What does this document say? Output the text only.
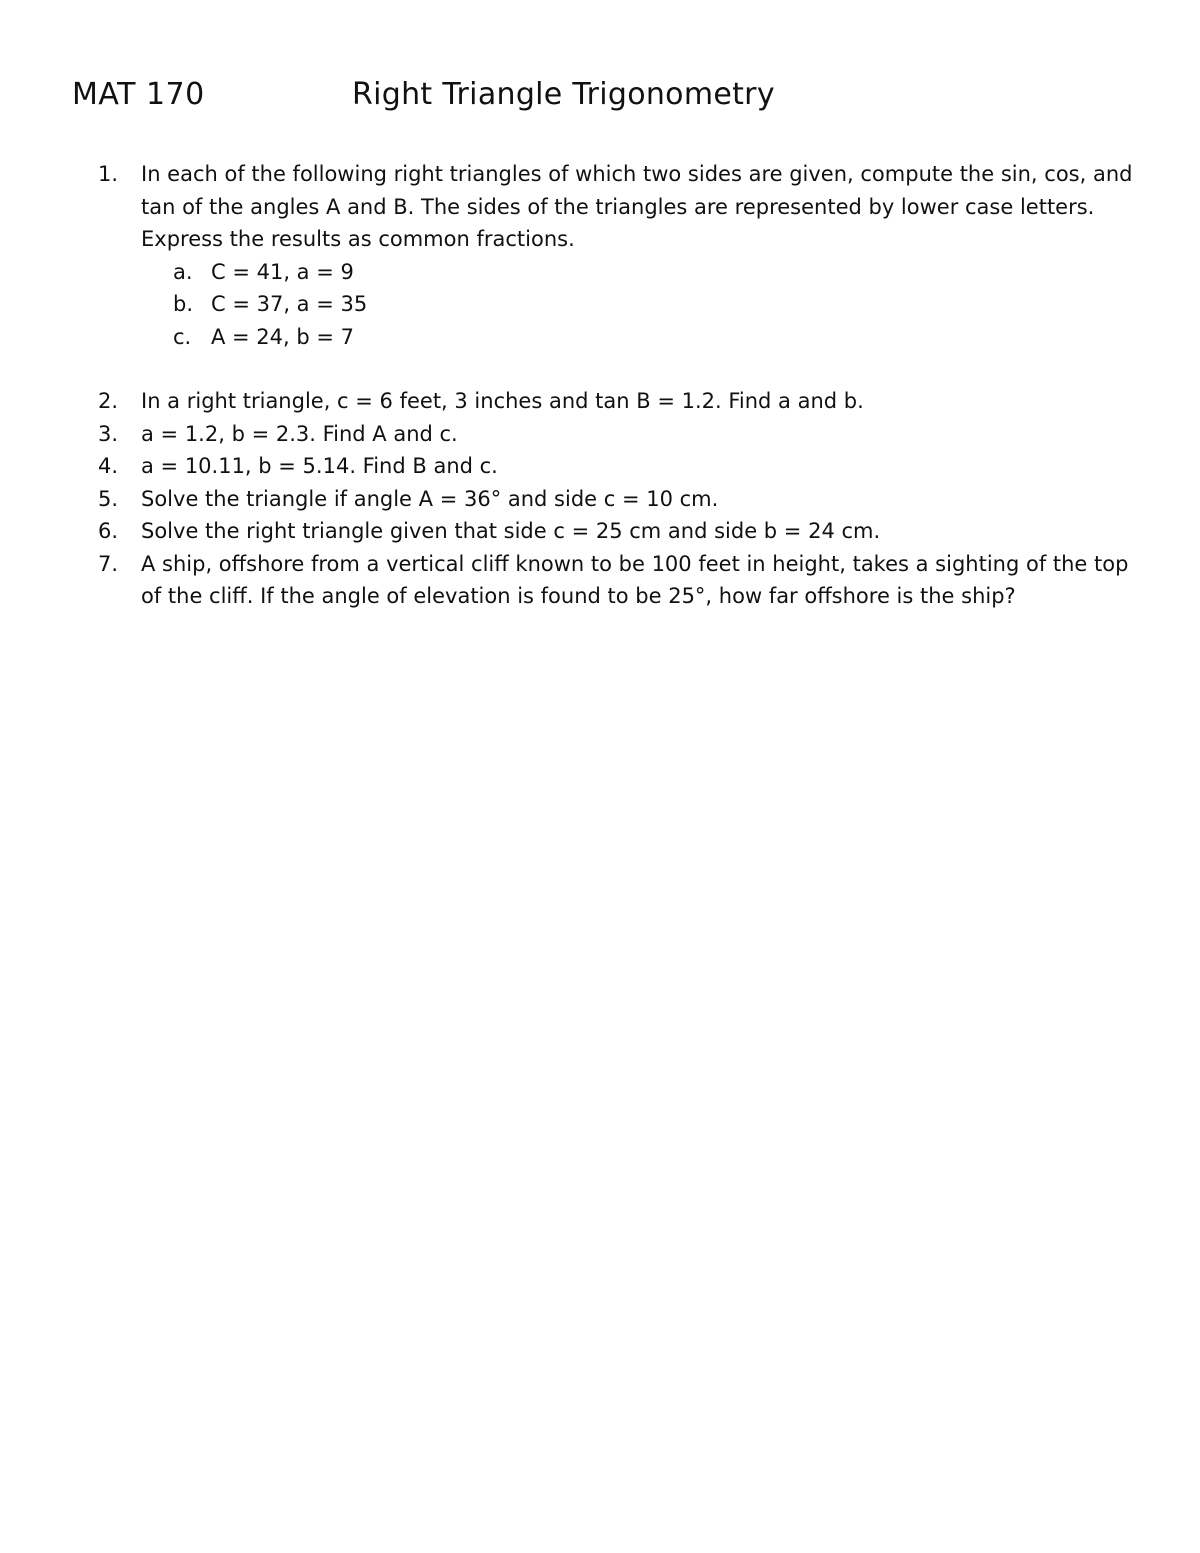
MAT 170	Right Triangle Trigonometry
1.	In each of the following right triangles of which two sides are given, compute the sin, cos, and tan of the angles A and B. The sides of the triangles are represented by lower case letters. Express the results as common fractions.
a. C = 41, a = 9
b. C = 37, a = 35
c. A = 24, b = 7
2.	In a right triangle, c = 6 feet, 3 inches and tan B = 1.2. Find a and b.
3.	a = 1.2, b = 2.3. Find A and c.
4.	a = 10.11, b = 5.14. Find B and c.
5.	Solve the triangle if angle A = 36° and side c = 10 cm.
6.	Solve the right triangle given that side c = 25 cm and side b = 24 cm.
7.	A ship, offshore from a vertical cliff known to be 100 feet in height, takes a sighting of the top of the cliff. If the angle of elevation is found to be 25°, how far offshore is the ship?
